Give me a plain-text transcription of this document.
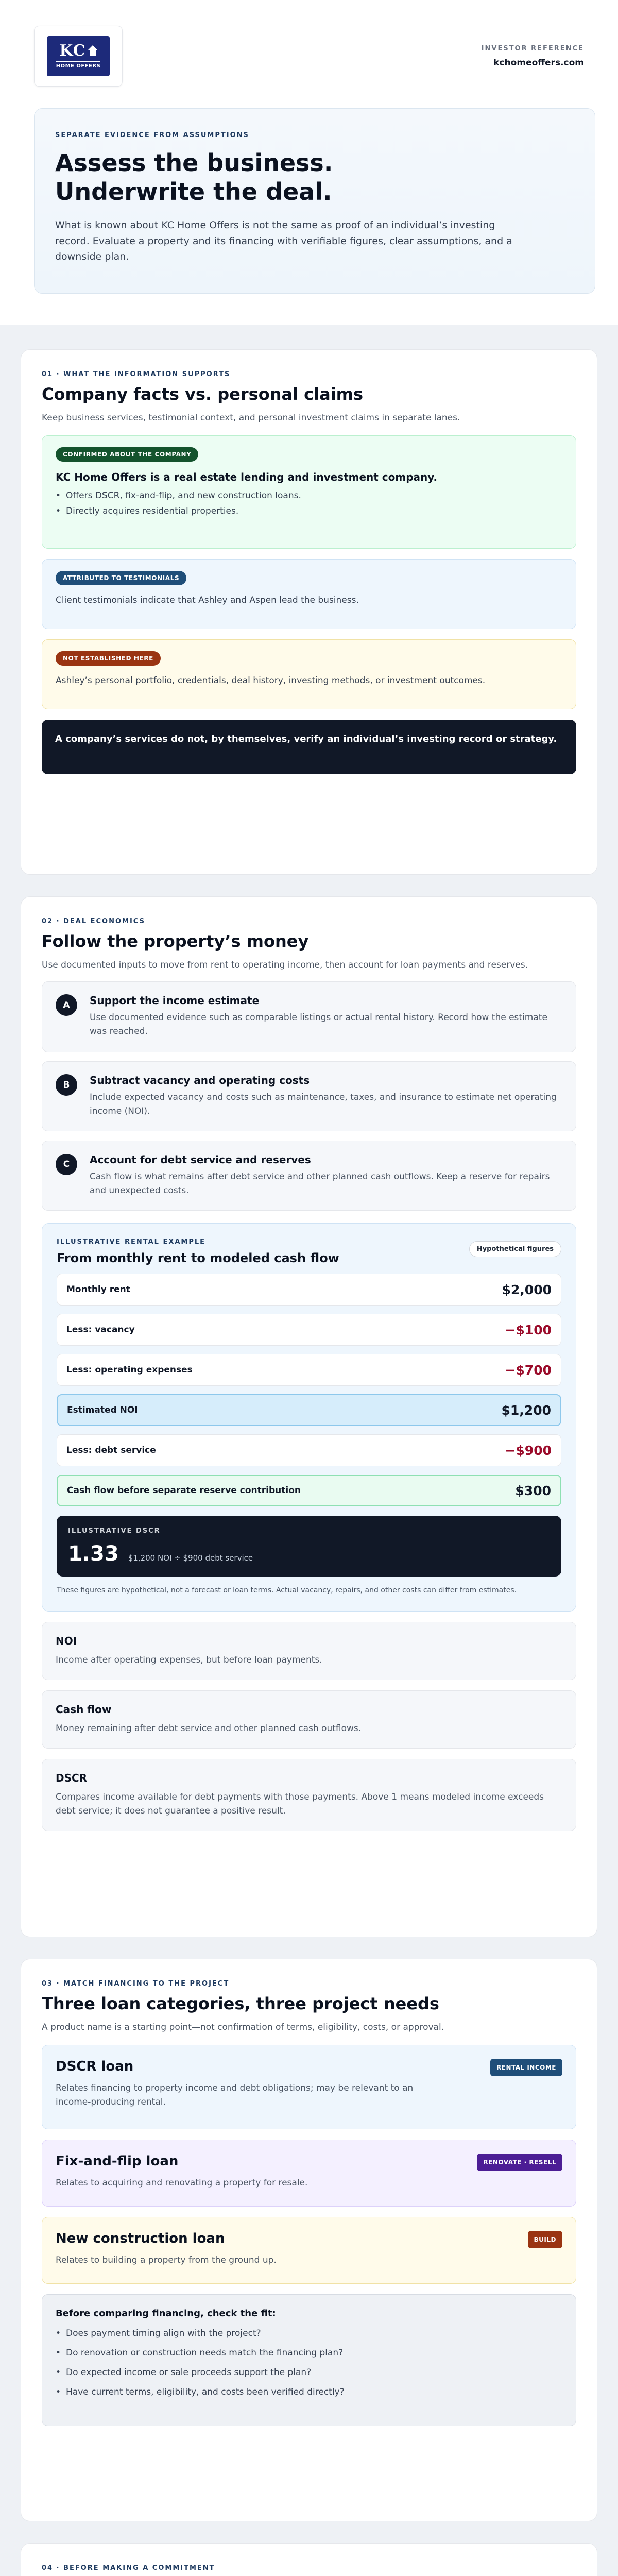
KC
HOME OFFERS
INVESTOR REFERENCE
kchomeoffers.com
SEPARATE EVIDENCE FROM ASSUMPTIONS
Assess the business. Underwrite the deal.
What is known about KC Home Offers is not the same as proof of an individual’s investing record. Evaluate a property and its financing with verifiable figures, clear assumptions, and a downside plan.
01 · WHAT THE INFORMATION SUPPORTS
Company facts vs. personal claims
Keep business services, testimonial context, and personal investment claims in separate lanes.
CONFIRMED ABOUT THE COMPANY
KC Home Offers is a real estate lending and investment company.
• Offers DSCR, fix-and-flip, and new construction loans.
• Directly acquires residential properties.
ATTRIBUTED TO TESTIMONIALS
Client testimonials indicate that Ashley and Aspen lead the business.
NOT ESTABLISHED HERE
Ashley’s personal portfolio, credentials, deal history, investing methods, or investment outcomes.
A company’s services do not, by themselves, verify an individual’s investing record or strategy.
02 · DEAL ECONOMICS
Follow the property’s money
Use documented inputs to move from rent to operating income, then account for loan payments and reserves.
A	Support the income estimate
Use documented evidence such as comparable listings or actual rental history. Record how the estimate was reached.
B	Subtract vacancy and operating costs
Include expected vacancy and costs such as maintenance, taxes, and insurance to estimate net operating income (NOI).
C	Account for debt service and reserves
Cash flow is what remains after debt service and other planned cash outflows. Keep a reserve for repairs and unexpected costs.
ILLUSTRATIVE RENTAL EXAMPLE
From monthly rent to modeled cash flow
Hypothetical figures
Monthly rent	$2,000
Less: vacancy	−$100
Less: operating expenses	−$700
Estimated NOI	$1,200
Less: debt service	−$900
Cash flow before separate reserve contribution	$300
ILLUSTRATIVE DSCR
1.33 $1,200 NOI ÷ $900 debt service
These figures are hypothetical, not a forecast or loan terms. Actual vacancy, repairs, and other costs can differ from estimates.
NOI
Income after operating expenses, but before loan payments.
Cash flow
Money remaining after debt service and other planned cash outflows.
DSCR
Compares income available for debt payments with those payments. Above 1 means modeled income exceeds debt service; it does not guarantee a positive result.
03 · MATCH FINANCING TO THE PROJECT
Three loan categories, three project needs
A product name is a starting point—not confirmation of terms, eligibility, costs, or approval.
DSCR loan
Relates financing to property income and debt obligations; may be relevant to an income-producing rental.
RENTAL INCOME
Fix-and-flip loan
Relates to acquiring and renovating a property for resale.
RENOVATE · RESELL
New construction loan
Relates to building a property from the ground up.
BUILD
Before comparing financing, check the fit:
• Does payment timing align with the project?
• Do renovation or construction needs match the financing plan?
• Do expected income or sale proceeds support the plan?
• Have current terms, eligibility, and costs been verified directly?
04 · BEFORE MAKING A COMMITMENT
